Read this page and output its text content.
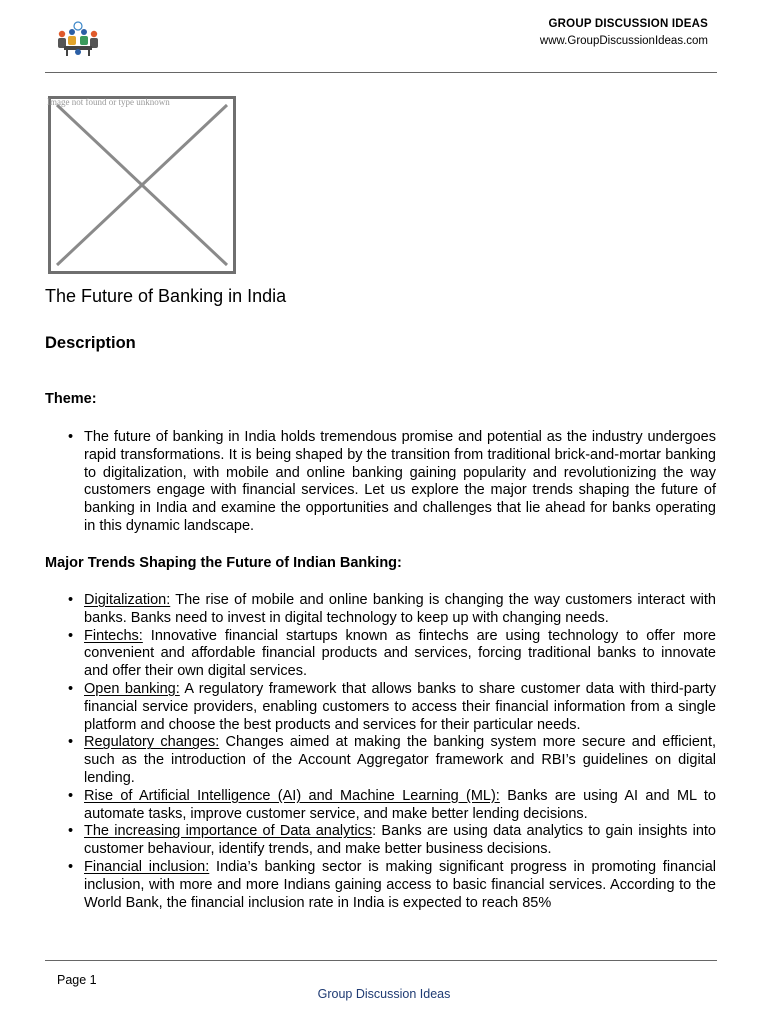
GROUP DISCUSSION IDEAS
www.GroupDiscussionIdeas.com
Image not found or type unknown
The Future of Banking in India
Description
Theme:
• The future of banking in India holds tremendous promise and potential as the industry undergoes rapid transformations. It is being shaped by the transition from traditional brick-and-mortar banking to digitalization, with mobile and online banking gaining popularity and revolutionizing the way customers engage with financial services. Let us explore the major trends shaping the future of banking in India and examine the opportunities and challenges that lie ahead for banks operating in this dynamic landscape.
Major Trends Shaping the Future of Indian Banking:
• Digitalization: The rise of mobile and online banking is changing the way customers interact with banks. Banks need to invest in digital technology to keep up with changing needs.
• Fintechs: Innovative financial startups known as fintechs are using technology to offer more convenient and affordable financial products and services, forcing traditional banks to innovate and offer their own digital services.
• Open banking: A regulatory framework that allows banks to share customer data with third-party financial service providers, enabling customers to access their financial information from a single platform and choose the best products and services for their particular needs.
• Regulatory changes: Changes aimed at making the banking system more secure and efficient, such as the introduction of the Account Aggregator framework and RBI’s guidelines on digital lending.
• Rise of Artificial Intelligence (AI) and Machine Learning (ML): Banks are using AI and ML to automate tasks, improve customer service, and make better lending decisions.
• The increasing importance of Data analytics: Banks are using data analytics to gain insights into customer behaviour, identify trends, and make better business decisions.
• Financial inclusion: India’s banking sector is making significant progress in promoting financial inclusion, with more and more Indians gaining access to basic financial services. According to the World Bank, the financial inclusion rate in India is expected to reach 85%
Page 1
Group Discussion Ideas
